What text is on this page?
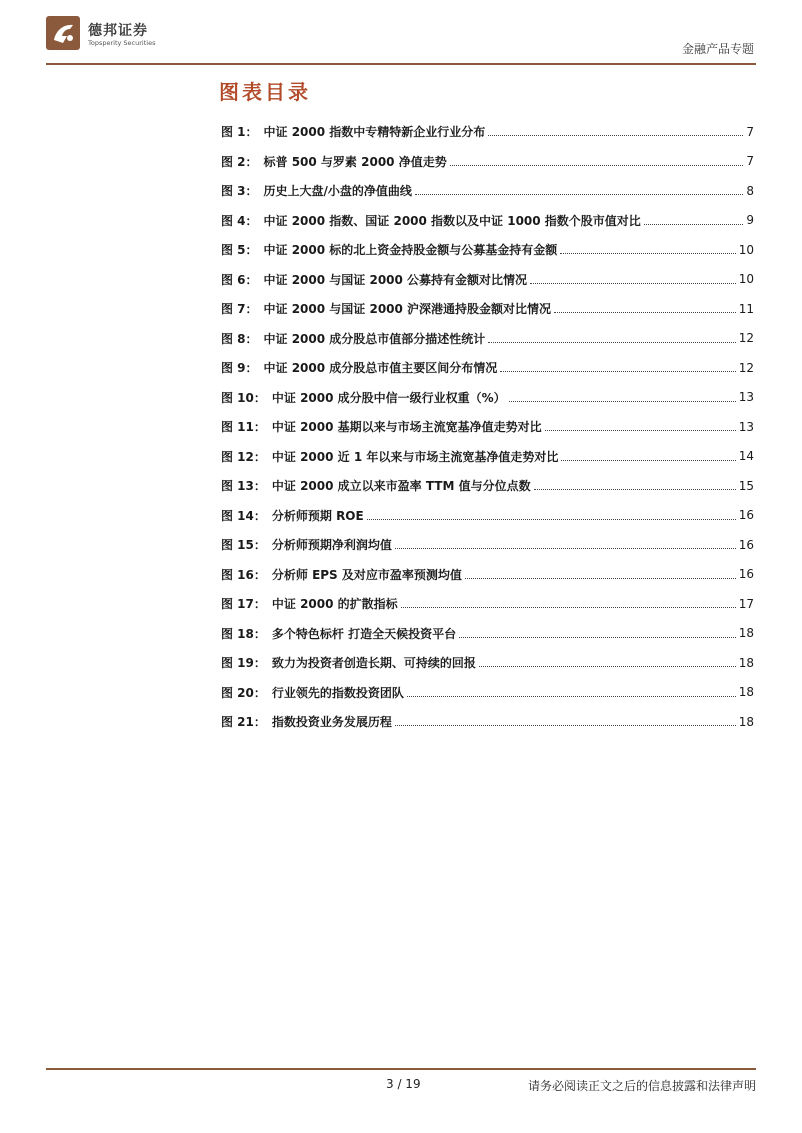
德邦证券
Topsperity Securities	金融产品专题
图表目录
图 1： 中证 2000 指数中专精特新企业行业分布	7
图 2： 标普 500 与罗素 2000 净值走势	7
图 3： 历史上大盘/小盘的净值曲线	8
图 4： 中证 2000 指数、国证 2000 指数以及中证 1000 指数个股市值对比	9
图 5： 中证 2000 标的北上资金持股金额与公募基金持有金额	10
图 6： 中证 2000 与国证 2000 公募持有金额对比情况	10
图 7： 中证 2000 与国证 2000 沪深港通持股金额对比情况	11
图 8： 中证 2000 成分股总市值部分描述性统计	12
图 9： 中证 2000 成分股总市值主要区间分布情况	12
图 10： 中证 2000 成分股中信一级行业权重（%）	13
图 11： 中证 2000 基期以来与市场主流宽基净值走势对比	13
图 12： 中证 2000 近 1 年以来与市场主流宽基净值走势对比	14
图 13： 中证 2000 成立以来市盈率 TTM 值与分位点数	15
图 14： 分析师预期 ROE	16
图 15： 分析师预期净利润均值	16
图 16： 分析师 EPS 及对应市盈率预测均值	16
图 17： 中证 2000 的扩散指标	17
图 18： 多个特色标杆 打造全天候投资平台	18
图 19： 致力为投资者创造长期、可持续的回报	18
图 20： 行业领先的指数投资团队	18
图 21： 指数投资业务发展历程	18
3 / 19	请务必阅读正文之后的信息披露和法律声明
